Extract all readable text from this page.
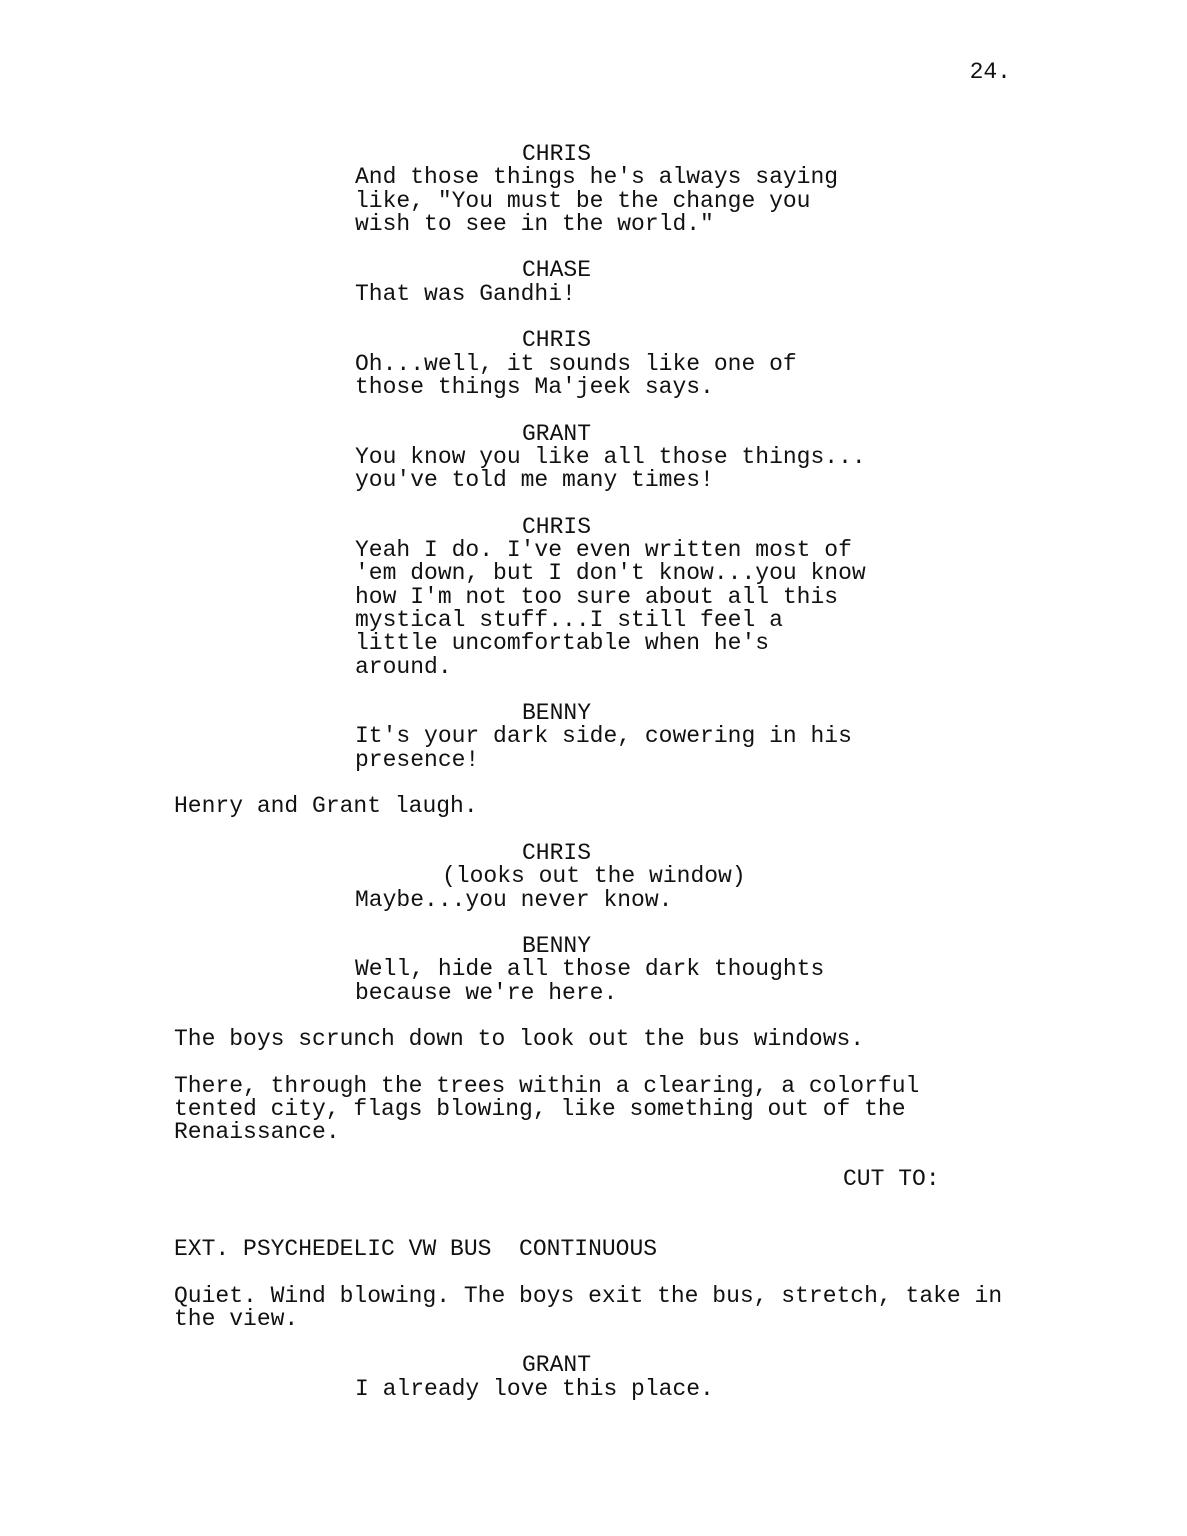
24.
CHRIS
And those things he's always saying
like, "You must be the change you
wish to see in the world."
CHASE
That was Gandhi!
CHRIS
Oh...well, it sounds like one of
those things Ma'jeek says.
GRANT
You know you like all those things...
you've told me many times!
CHRIS
Yeah I do. I've even written most of
'em down, but I don't know...you know
how I'm not too sure about all this
mystical stuff...I still feel a
little uncomfortable when he's
around.
BENNY
It's your dark side, cowering in his
presence!
Henry and Grant laugh.
CHRIS
(looks out the window)
Maybe...you never know.
BENNY
Well, hide all those dark thoughts
because we're here.
The boys scrunch down to look out the bus windows.
There, through the trees within a clearing, a colorful
tented city, flags blowing, like something out of the
Renaissance.
CUT TO:
EXT. PSYCHEDELIC VW BUS  CONTINUOUS
Quiet. Wind blowing. The boys exit the bus, stretch, take in
the view.
GRANT
I already love this place.
